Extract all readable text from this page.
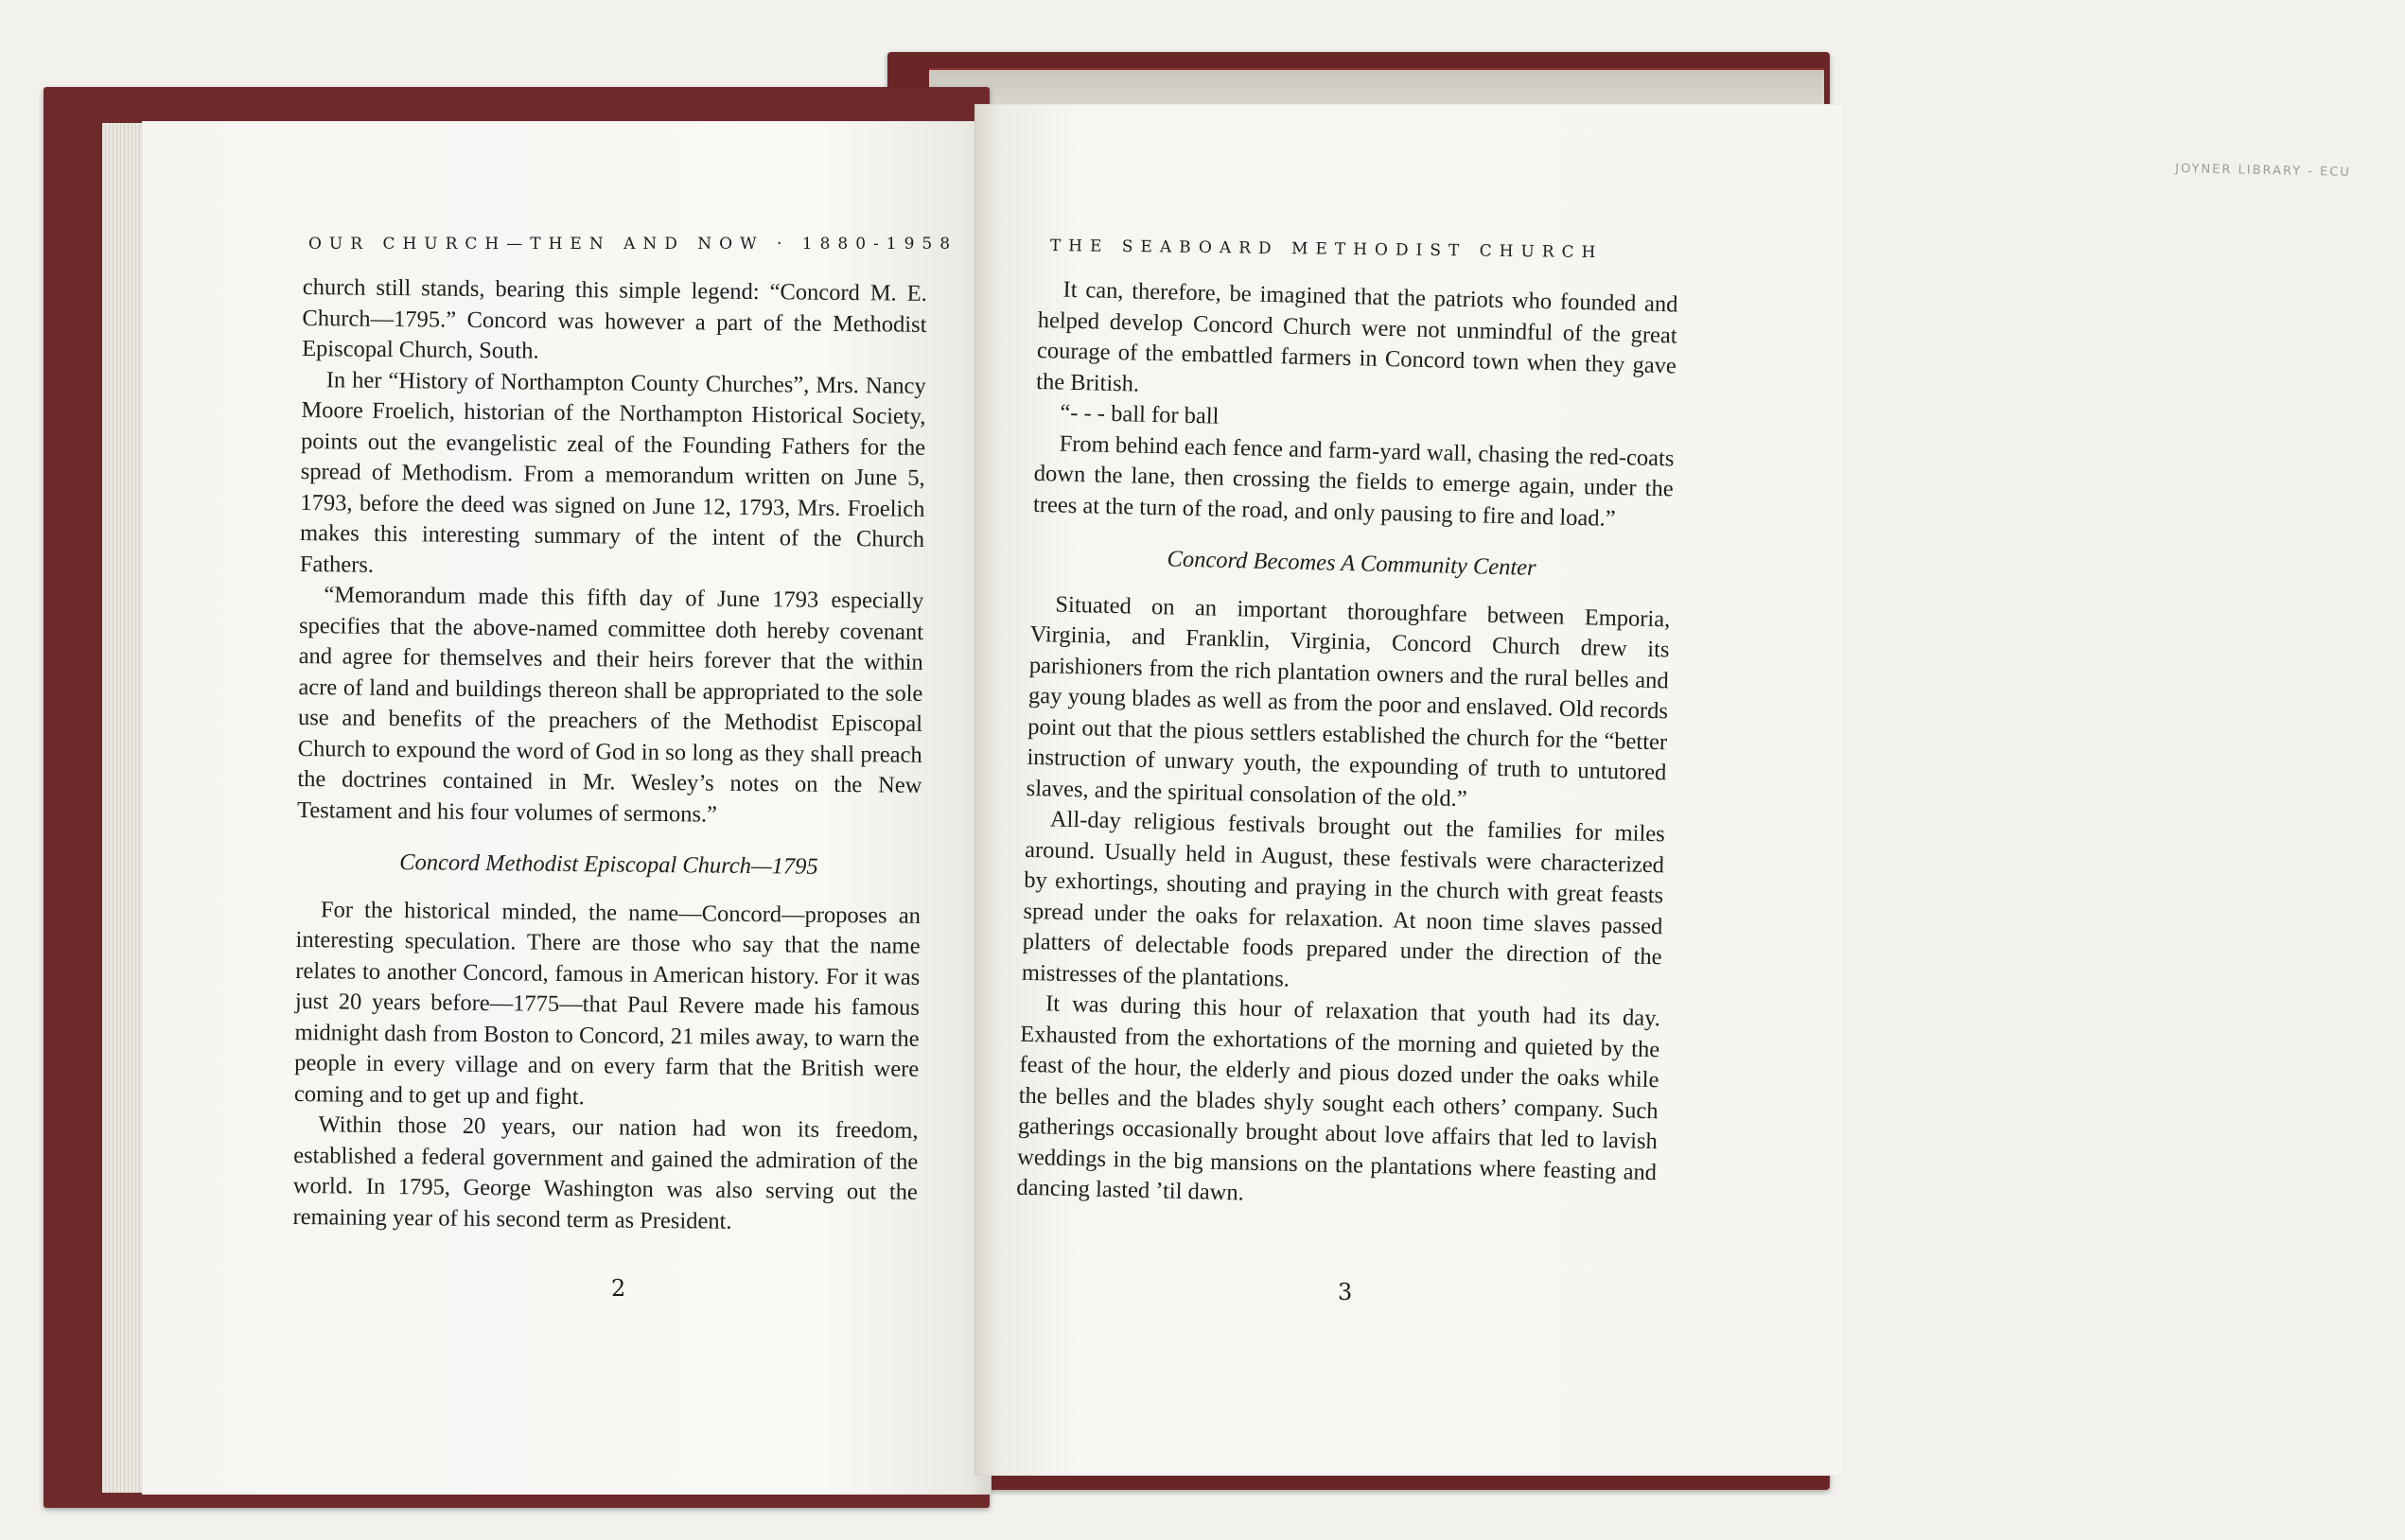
JOYNER LIBRARY - ECU
OUR CHURCH—THEN AND NOW · 1880-1958

church still stands, bearing this simple legend: “Concord M. E. Church—1795.” Concord was however a part of the Methodist Episcopal Church, South.

In her “History of Northampton County Churches”, Mrs. Nancy Moore Froelich, historian of the Northampton Historical Society, points out the evangelistic zeal of the Founding Fathers for the spread of Methodism. From a memorandum written on June 5, 1793, before the deed was signed on June 12, 1793, Mrs. Froelich makes this interesting summary of the intent of the Church Fathers.

“Memorandum made this fifth day of June 1793 especially specifies that the above-named committee doth hereby covenant and agree for themselves and their heirs forever that the within acre of land and buildings thereon shall be appropriated to the sole use and benefits of the preachers of the Methodist Episcopal Church to expound the word of God in so long as they shall preach the doctrines contained in Mr. Wesley’s notes on the New Testament and his four volumes of sermons.”

Concord Methodist Episcopal Church—1795

For the historical minded, the name—Concord—proposes an interesting speculation. There are those who say that the name relates to another Concord, famous in American history. For it was just 20 years before—1775—that Paul Revere made his famous midnight dash from Boston to Concord, 21 miles away, to warn the people in every village and on every farm that the British were coming and to get up and fight.

Within those 20 years, our nation had won its freedom, established a federal government and gained the admiration of the world. In 1795, George Washington was also serving out the remaining year of his second term as President.

2
THE SEABOARD METHODIST CHURCH

It can, therefore, be imagined that the patriots who founded and helped develop Concord Church were not unmindful of the great courage of the embattled farmers in Concord town when they gave the British.

“- - - ball for ball

From behind each fence and farm-yard wall, chasing the red-coats down the lane, then crossing the fields to emerge again, under the trees at the turn of the road, and only pausing to fire and load.”

Concord Becomes A Community Center

Situated on an important thoroughfare between Emporia, Virginia, and Franklin, Virginia, Concord Church drew its parishioners from the rich plantation owners and the rural belles and gay young blades as well as from the poor and enslaved. Old records point out that the pious settlers established the church for the “better instruction of unwary youth, the expounding of truth to untutored slaves, and the spiritual consolation of the old.”

All-day religious festivals brought out the families for miles around. Usually held in August, these festivals were characterized by exhortings, shouting and praying in the church with great feasts spread under the oaks for relaxation. At noon time slaves passed platters of delectable foods prepared under the direction of the mistresses of the plantations.

It was during this hour of relaxation that youth had its day. Exhausted from the exhortations of the morning and quieted by the feast of the hour, the elderly and pious dozed under the oaks while the belles and the blades shyly sought each others’ company. Such gatherings occasionally brought about love affairs that led to lavish weddings in the big mansions on the plantations where feasting and dancing lasted ’til dawn.

3
